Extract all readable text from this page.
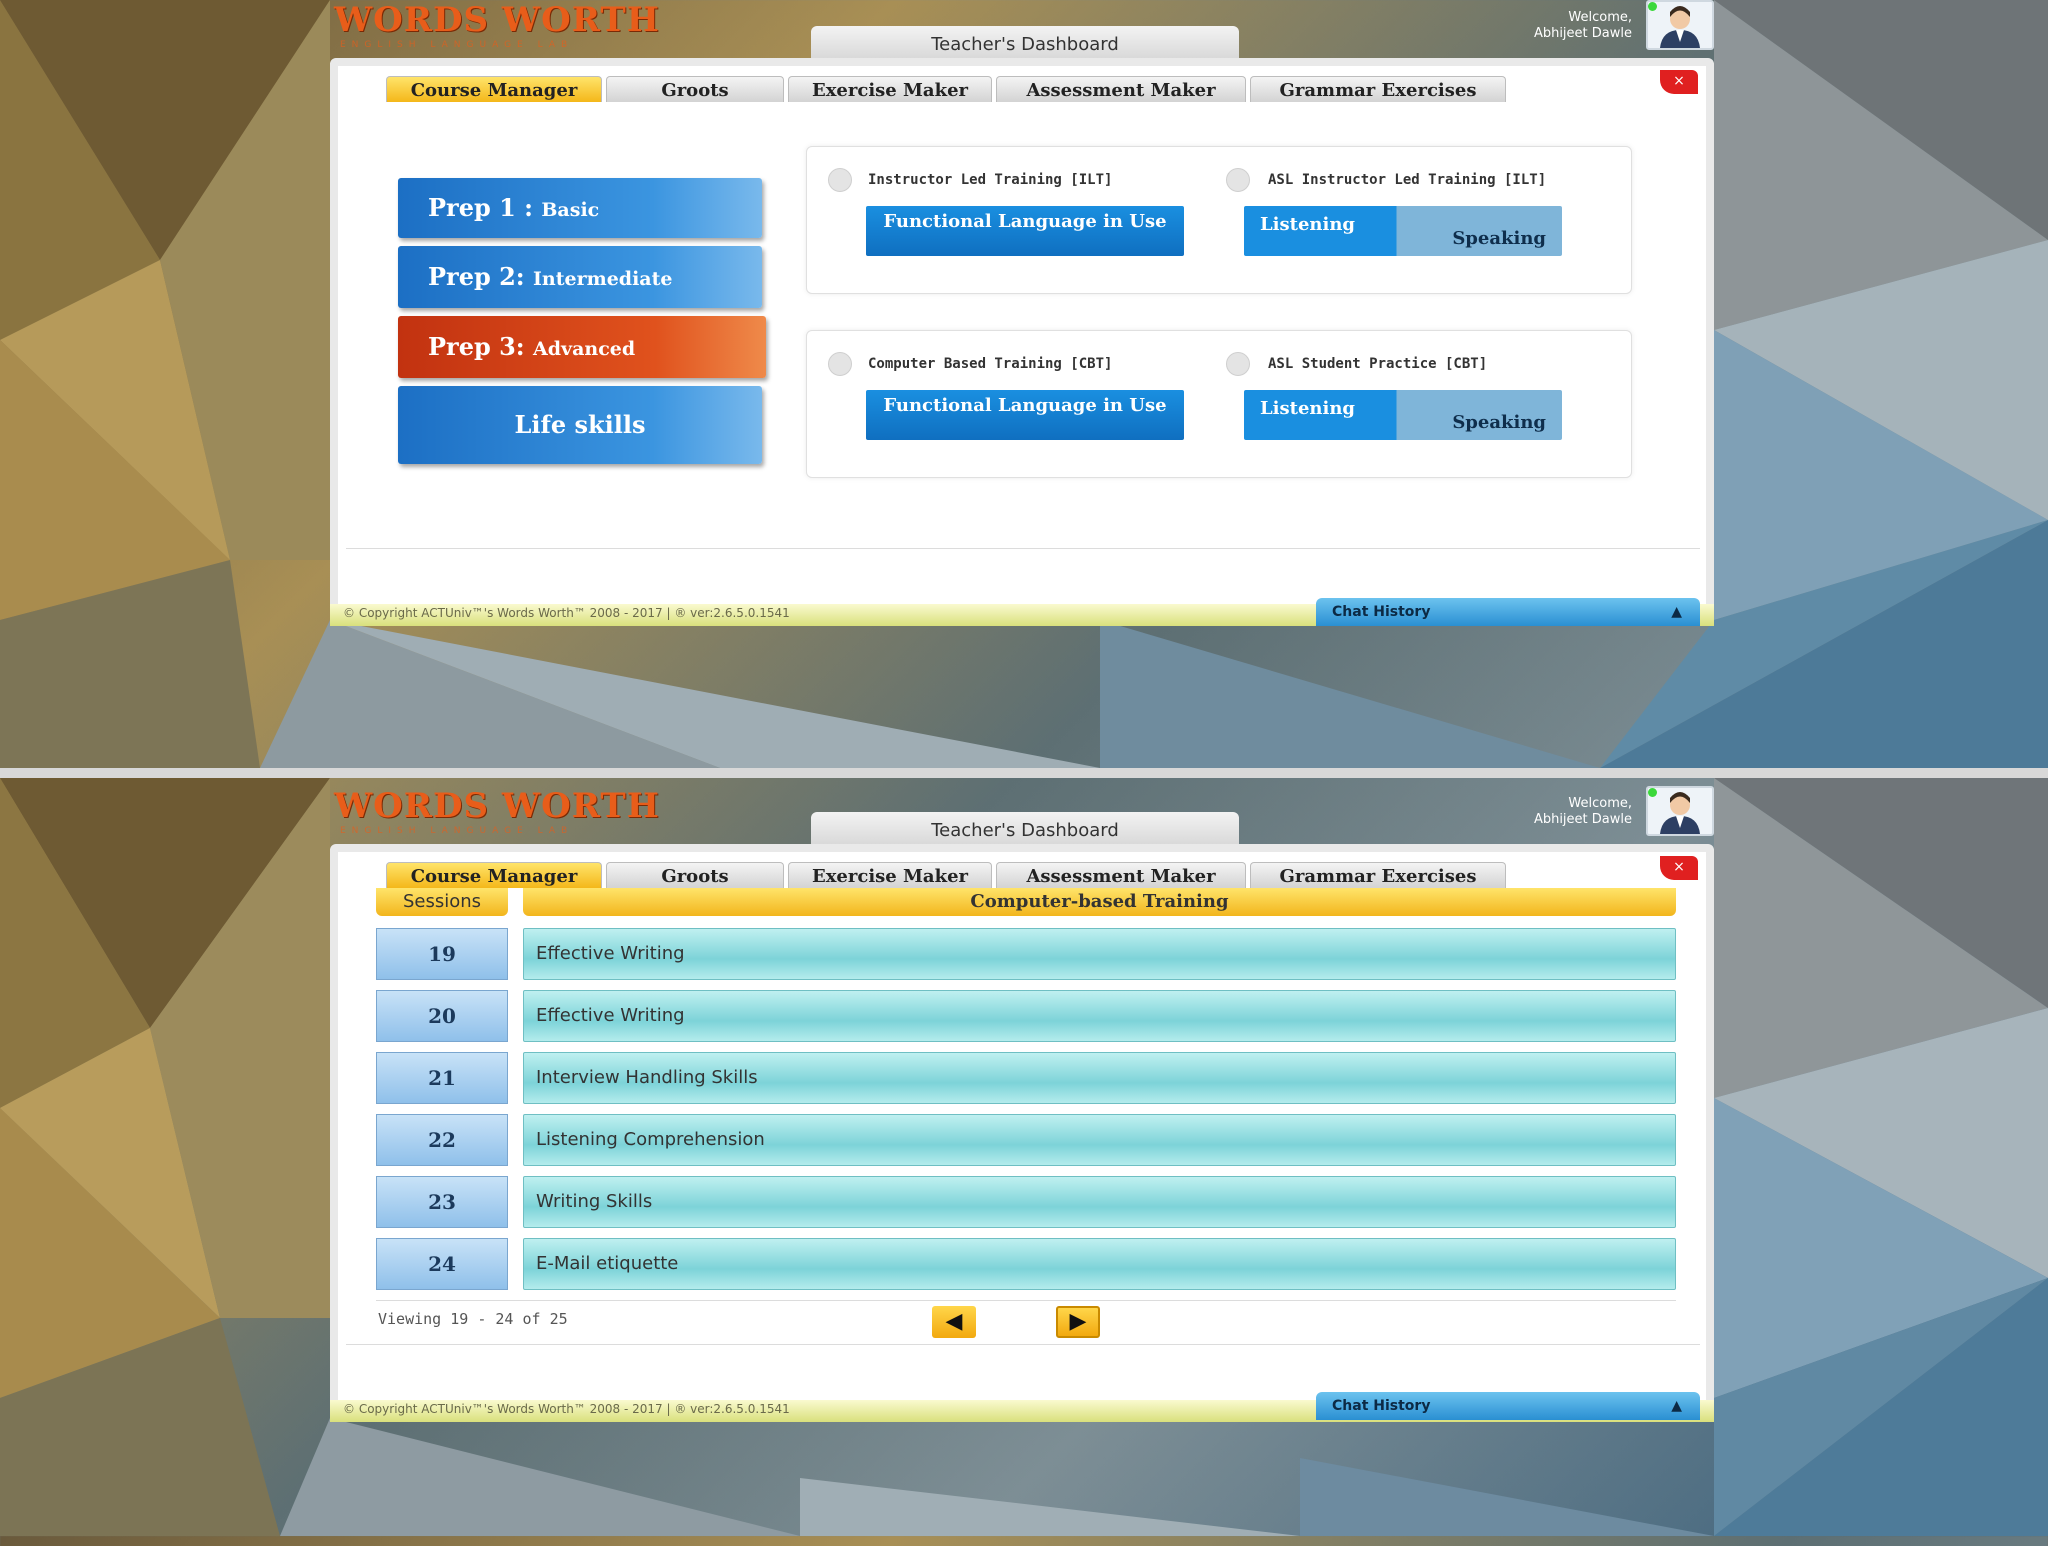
WORDS WORTH
ENGLISH LANGUAGE LAB	Teacher's Dashboard
Welcome,
Abhijeet Dawle
×
Course Manager	Groots	Exercise Maker	Assessment Maker	Grammar Exercises
Prep 1 : Basic
Prep 2: Intermediate
Prep 3: Advanced
Life skills
Instructor Led Training [ILT]	ASL Instructor Led Training [ILT]
Functional Language in Use	Listening
Speaking
Computer Based Training [CBT]	ASL Student Practice [CBT]
Functional Language in Use	Listening
Speaking
© Copyright ACTUniv™'s Words Worth™ 2008 - 2017 | ® ver:2.6.5.0.1541	Chat History	▲
WORDS WORTH
ENGLISH LANGUAGE LAB	Teacher's Dashboard
Welcome,
Abhijeet Dawle
×
Course Manager	Groots	Exercise Maker	Assessment Maker	Grammar Exercises
Sessions	Computer-based Training
19	Effective Writing
20	Effective Writing
21	Interview Handling Skills
22	Listening Comprehension
23	Writing Skills
24	E-Mail etiquette
Viewing 19 - 24 of 25	◀	▶
© Copyright ACTUniv™'s Words Worth™ 2008 - 2017 | ® ver:2.6.5.0.1541	Chat History	▲
